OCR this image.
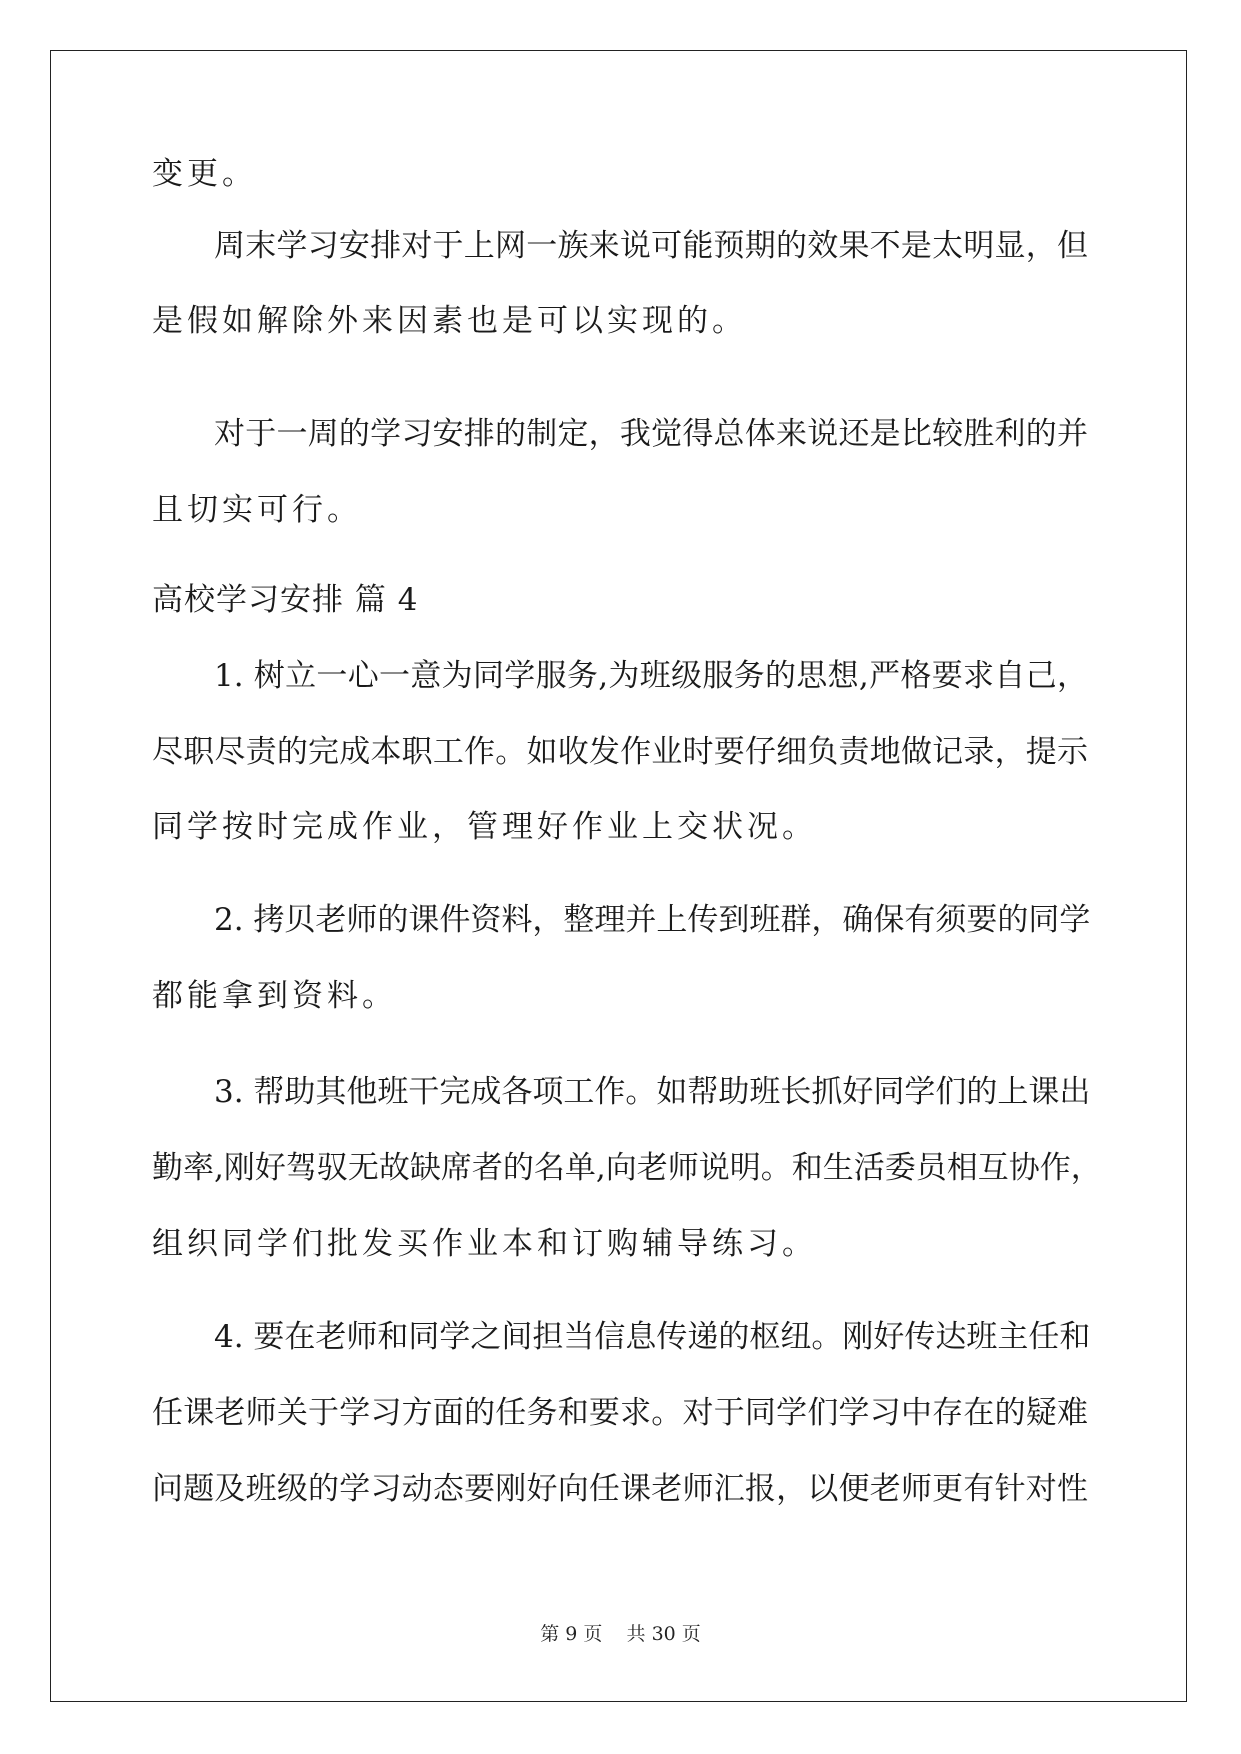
变更。
周末学习安排对于上网一族来说可能预期的效果不是太明显，但
是假如解除外来因素也是可以实现的。
对于一周的学习安排的制定，我觉得总体来说还是比较胜利的并
且切实可行。
高校学习安排 篇 4
1. 树立一心一意为同学服务,为班级服务的思想,严格要求自己，
尽职尽责的完成本职工作。如收发作业时要仔细负责地做记录，提示
同学按时完成作业，管理好作业上交状况。
2. 拷贝老师的课件资料，整理并上传到班群，确保有须要的同学
都能拿到资料。
3. 帮助其他班干完成各项工作。如帮助班长抓好同学们的上课出
勤率,刚好驾驭无故缺席者的名单,向老师说明。和生活委员相互协作，
组织同学们批发买作业本和订购辅导练习。
4. 要在老师和同学之间担当信息传递的枢纽。刚好传达班主任和
任课老师关于学习方面的任务和要求。对于同学们学习中存在的疑难
问题及班级的学习动态要刚好向任课老师汇报，以便老师更有针对性
第 9 页 共 30 页
